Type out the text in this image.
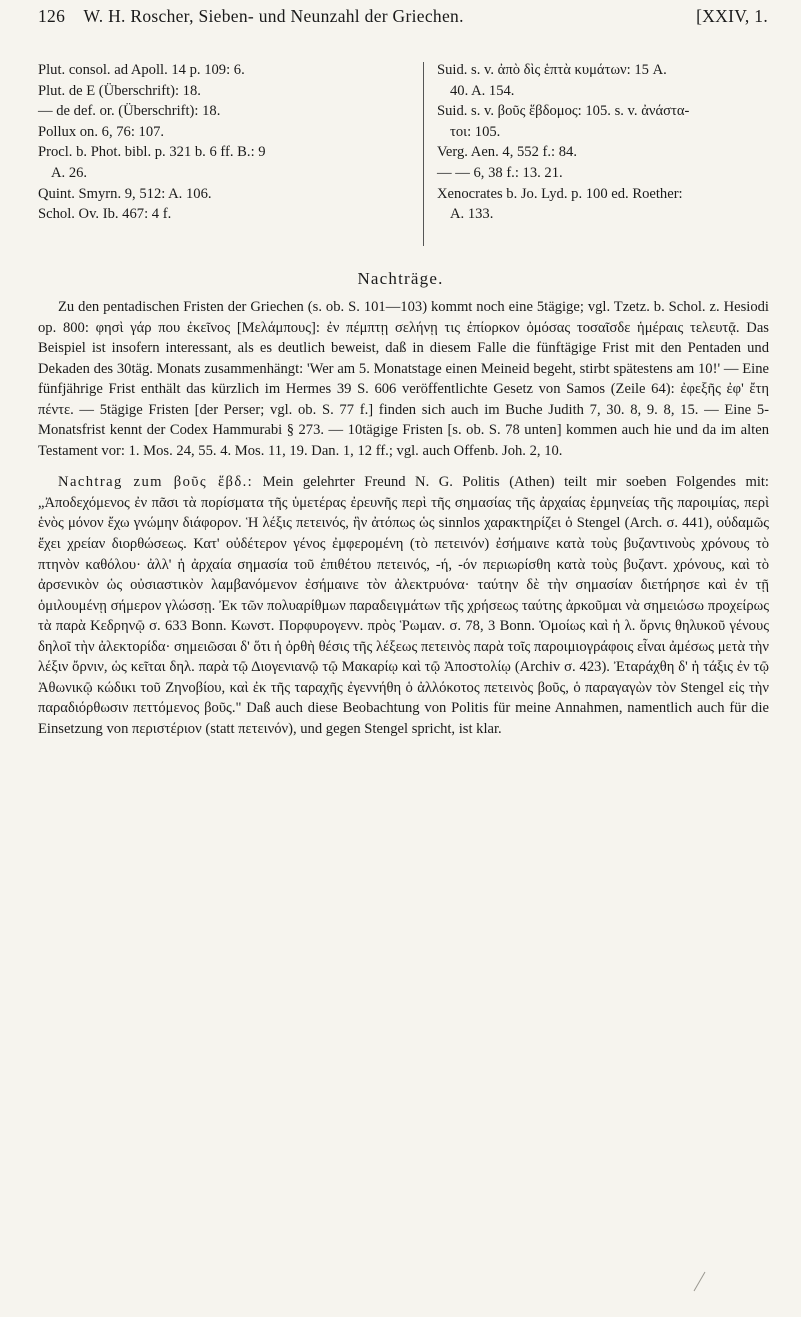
126 W. H. Roscher, Sieben- und Neunzahl der Griechen.	[XXIV, 1.
Plut. consol. ad Apoll. 14 p. 109: 6.
Plut. de E (Überschrift): 18.
— de def. or. (Überschrift): 18.
Pollux on. 6, 76: 107.
Procl. b. Phot. bibl. p. 321 b. 6 ff. B.: 9
A. 26.
Quint. Smyrn. 9, 512: A. 106.
Schol. Ov. Ib. 467: 4 f.
Suid. s. v. ἀπὸ δὶς ἑπτὰ κυμάτων: 15 A.
40. A. 154.
Suid. s. v. βοῦς ἕβδομος: 105. s. v. ἀνάστα-
τοι: 105.
Verg. Aen. 4, 552 f.: 84.
— — 6, 38 f.: 13. 21.
Xenocrates b. Jo. Lyd. p. 100 ed. Roether:
A. 133.
Nachträge.

Zu den pentadischen Fristen der Griechen (s. ob. S. 101—103) kommt noch eine 5tägige; vgl. Tzetz. b. Schol. z. Hesiodi op. 800: φησὶ γάρ που ἐκεῖνος [Μελάμπους]: ἐν πέμπτῃ σελήνῃ τις ἐπίορκον ὀμόσας τοσαῖσδε ἡμέραις τελευτᾷ. Das Beispiel ist insofern interessant, als es deutlich beweist, daß in diesem Falle die fünftägige Frist mit den Pentaden und Dekaden des 30täg. Monats zusammenhängt: 'Wer am 5. Monatstage einen Meineid begeht, stirbt spätestens am 10!' — Eine fünfjährige Frist enthält das kürzlich im Hermes 39 S. 606 veröffentlichte Gesetz von Samos (Zeile 64): ἐφεξῆς ἐφ' ἔτη πέντε. — 5tägige Fristen [der Perser; vgl. ob. S. 77 f.] finden sich auch im Buche Judith 7, 30. 8, 9. 8, 15. — Eine 5-Monatsfrist kennt der Codex Hammurabi § 273. — 10tägige Fristen [s. ob. S. 78 unten] kommen auch hie und da im alten Testament vor: 1. Mos. 24, 55. 4. Mos. 11, 19. Dan. 1, 12 ff.; vgl. auch Offenb. Joh. 2, 10.

Nachtrag zum βοῦς ἕβδ.: Mein gelehrter Freund N. G. Politis (Athen) teilt mir soeben Folgendes mit: „Ἀποδεχόμενος ἐν πᾶσι τὰ πορίσματα τῆς ὑμετέρας ἐρευνῆς περὶ τῆς σημασίας τῆς ἀρχαίας ἑρμηνείας τῆς παροιμίας, περὶ ἑνὸς μόνον ἔχω γνώμην διάφορον. Ἡ λέξις πετεινός, ἣν ἀτόπως ὡς sinnlos χαρακτηρίζει ὁ Stengel (Arch. σ. 441), οὐδαμῶς ἔχει χρείαν διορθώσεως. Κατ' οὐδέτερον γένος ἐμφερομένη (τὸ πετεινόν) ἐσήμαινε κατὰ τοὺς βυζαντινοὺς χρόνους τὸ πτηνὸν καθόλου· ἀλλ' ἡ ἀρχαία σημασία τοῦ ἐπιθέτου πετεινός, -ή, -όν περιωρίσθη κατὰ τοὺς βυζαντ. χρόνους, καὶ τὸ ἀρσενικὸν ὡς οὐσιαστικὸν λαμβανόμενον ἐσήμαινε τὸν ἀλεκτρυόνα· ταύτην δὲ τὴν σημασίαν διετήρησε καὶ ἐν τῇ ὁμιλουμένῃ σήμερον γλώσσῃ. Ἐκ τῶν πολυαρίθμων παραδειγμάτων τῆς χρήσεως ταύτης ἀρκοῦμαι νὰ σημειώσω προχείρως τὰ παρὰ Κεδρηνῷ σ. 633 Bonn. Κωνστ. Πορφυρογενν. πρὸς Ῥωμαν. σ. 78, 3 Bonn. Ὁμοίως καὶ ἡ λ. ὄρνις θηλυκοῦ γένους δηλοῖ τὴν ἀλεκτορίδα· σημειῶσαι δ' ὅτι ἡ ὀρθὴ θέσις τῆς λέξεως πετεινὸς παρὰ τοῖς παροιμιογράφοις εἶναι ἀμέσως μετὰ τὴν λέξιν ὄρνιν, ὡς κεῖται δηλ. παρὰ τῷ Διογενιανῷ τῷ Μακαρίῳ καὶ τῷ Ἀποστολίῳ (Archiv σ. 423). Ἐταράχθη δ' ἡ τάξις ἐν τῷ Ἀθωνικῷ κώδικι τοῦ Ζηνοβίου, καὶ ἐκ τῆς ταραχῆς ἐγεννήθη ὁ ἀλλόκοτος πετεινὸς βοῦς, ὁ παραγαγὼν τὸν Stengel εἰς τὴν παραδιόρθωσιν πεττόμενος βοῦς." Daß auch diese Beobachtung von Politis für meine Annahmen, namentlich auch für die Einsetzung von περιστέριον (statt πετεινόν), und gegen Stengel spricht, ist klar.
